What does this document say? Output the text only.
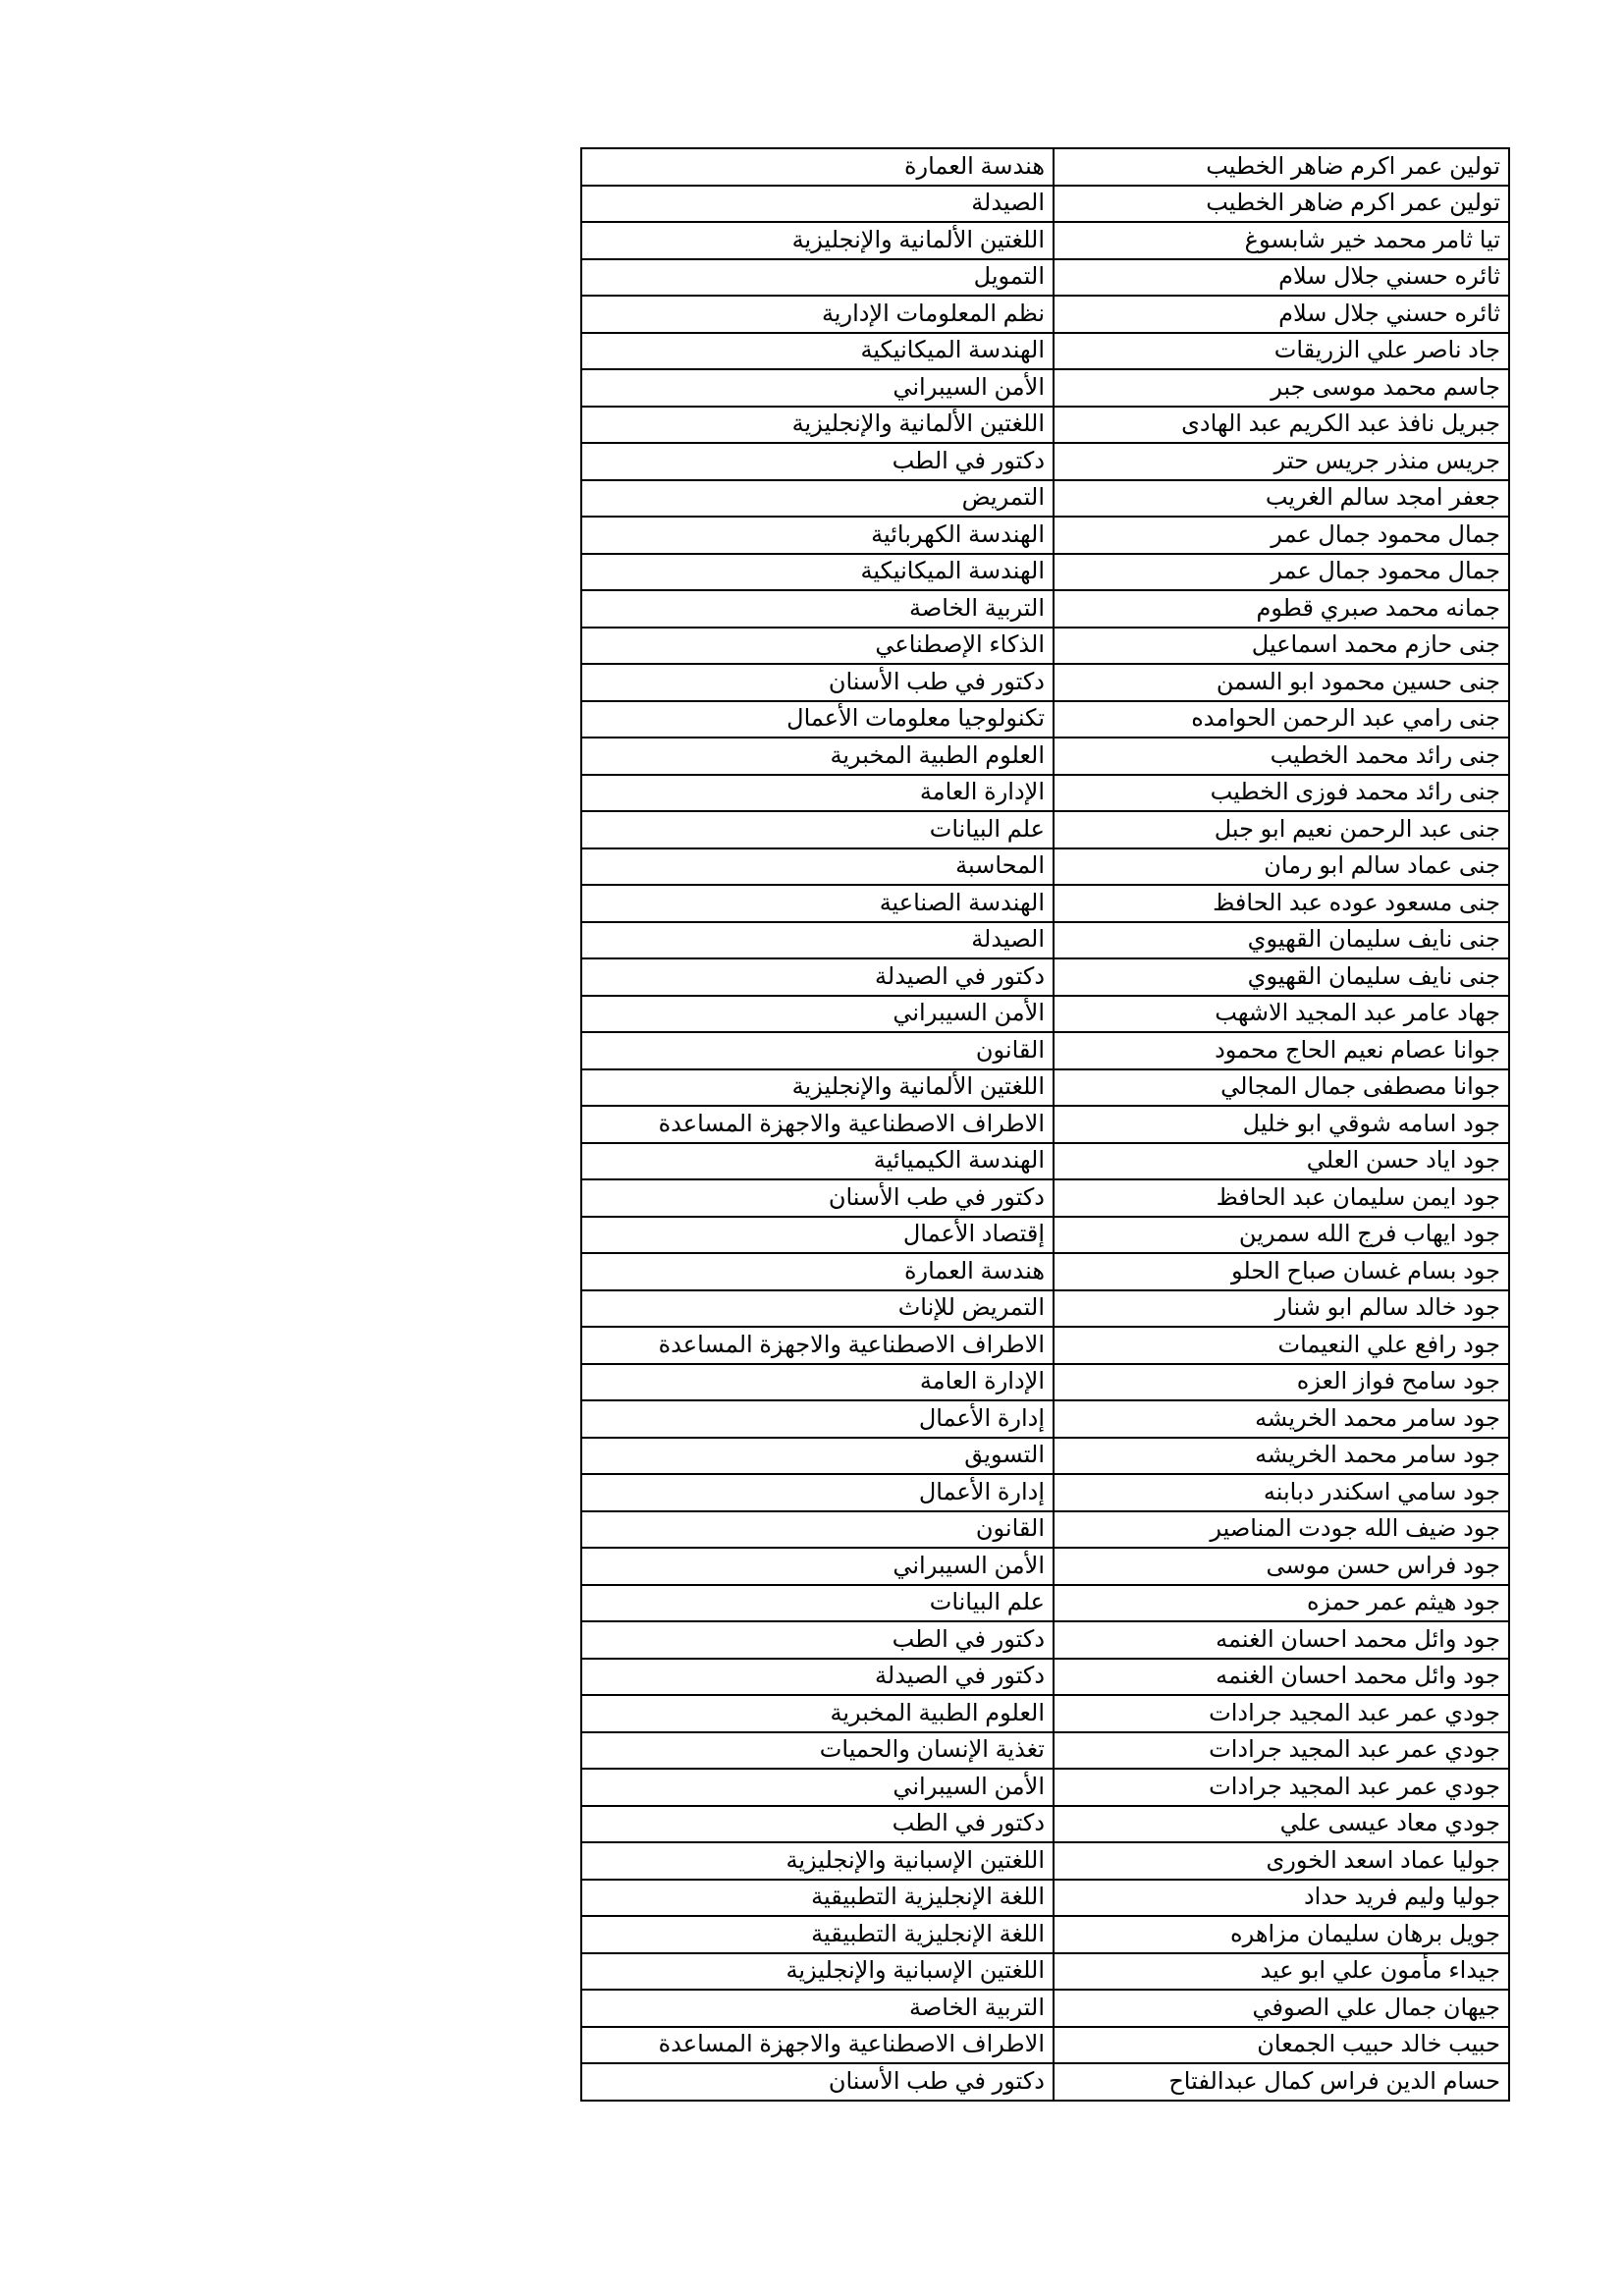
تولين عمر اكرم ضاهر الخطيب	هندسة العمارة
تولين عمر اكرم ضاهر الخطيب	الصيدلة
تيا ثامر محمد خير شابسوغ	اللغتين الألمانية والإنجليزية
ثائره حسني جلال سلام	التمويل
ثائره حسني جلال سلام	نظم المعلومات الإدارية
جاد ناصر علي الزريقات	الهندسة الميكانيكية
جاسم محمد موسى جبر	الأمن السيبراني
جبريل نافذ عبد الكريم عبد الهادى	اللغتين الألمانية والإنجليزية
جريس منذر جريس حتر	دكتور في الطب
جعفر امجد سالم الغريب	التمريض
جمال محمود جمال عمر	الهندسة الكهربائية
جمال محمود جمال عمر	الهندسة الميكانيكية
جمانه محمد صبري قطوم	التربية الخاصة
جنى حازم محمد اسماعيل	الذكاء الإصطناعي
جنى حسين محمود ابو السمن	دكتور في طب الأسنان
جنى رامي عبد الرحمن الحوامده	تكنولوجيا معلومات الأعمال
جنى رائد محمد الخطيب	العلوم الطبية المخبرية
جنى رائد محمد فوزى الخطيب	الإدارة العامة
جنى عبد الرحمن نعيم ابو جبل	علم البيانات
جنى عماد سالم ابو رمان	المحاسبة
جنى مسعود عوده عبد الحافظ	الهندسة الصناعية
جنى نايف سليمان القهيوي	الصيدلة
جنى نايف سليمان القهيوي	دكتور في الصيدلة
جهاد عامر عبد المجيد الاشهب	الأمن السيبراني
جوانا عصام نعيم الحاج محمود	القانون
جوانا مصطفى جمال المجالي	اللغتين الألمانية والإنجليزية
جود اسامه شوقي ابو خليل	الاطراف الاصطناعية والاجهزة المساعدة
جود اياد حسن العلي	الهندسة الكيميائية
جود ايمن سليمان عبد الحافظ	دكتور في طب الأسنان
جود ايهاب فرج الله سمرين	إقتصاد الأعمال
جود بسام غسان صباح الحلو	هندسة العمارة
جود خالد سالم ابو شنار	التمريض للإناث
جود رافع علي النعيمات	الاطراف الاصطناعية والاجهزة المساعدة
جود سامح فواز العزه	الإدارة العامة
جود سامر محمد الخريشه	إدارة الأعمال
جود سامر محمد الخريشه	التسويق
جود سامي اسكندر دبابنه	إدارة الأعمال
جود ضيف الله جودت المناصير	القانون
جود فراس حسن موسى	الأمن السيبراني
جود هيثم عمر حمزه	علم البيانات
جود وائل محمد احسان الغنمه	دكتور في الطب
جود وائل محمد احسان الغنمه	دكتور في الصيدلة
جودي عمر عبد المجيد جرادات	العلوم الطبية المخبرية
جودي عمر عبد المجيد جرادات	تغذية الإنسان والحميات
جودي عمر عبد المجيد جرادات	الأمن السيبراني
جودي معاد عيسى علي	دكتور في الطب
جوليا عماد اسعد الخورى	اللغتين الإسبانية والإنجليزية
جوليا وليم فريد حداد	اللغة الإنجليزية التطبيقية
جويل برهان سليمان مزاهره	اللغة الإنجليزية التطبيقية
جيداء مأمون علي ابو عيد	اللغتين الإسبانية والإنجليزية
جيهان جمال علي الصوفي	التربية الخاصة
حبيب خالد حبيب الجمعان	الاطراف الاصطناعية والاجهزة المساعدة
حسام الدين فراس كمال عبدالفتاح	دكتور في طب الأسنان
